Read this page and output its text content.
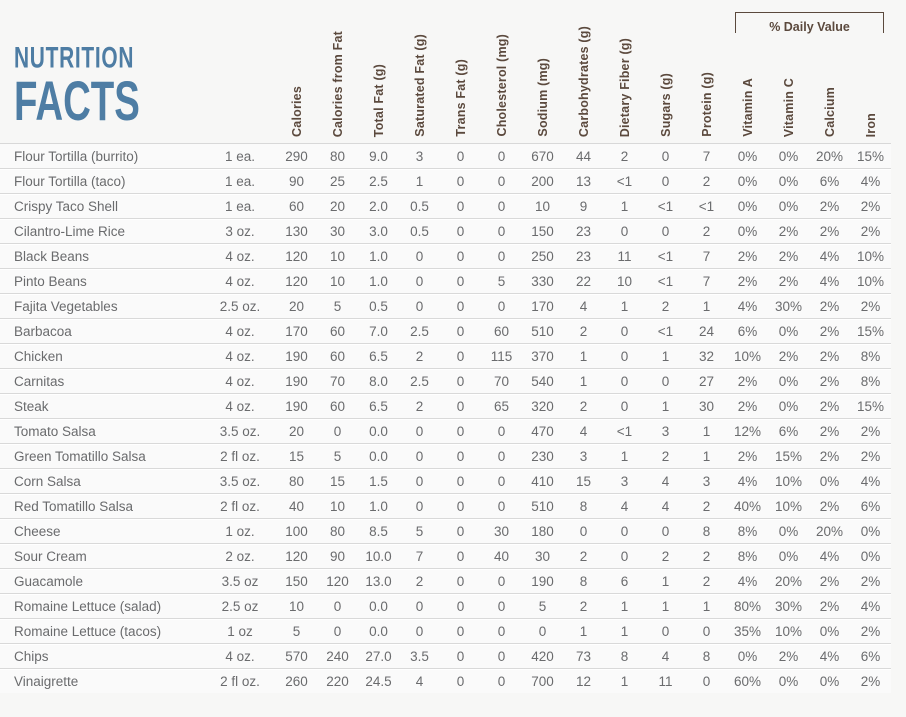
NUTRITION
FACTS
% Daily Value

		Calories	Calories from Fat	Total Fat (g)	Saturated Fat (g)	Trans Fat (g)	Cholesterol (mg)	Sodium (mg)	Carbohydrates (g)	Dietary Fiber (g)	Sugars (g)	Protein (g)	Vitamin A	Vitamin C	Calcium	Iron

Flour Tortilla (burrito)	1 ea.	290	80	9.0	3	0	0	670	44	2	0	7	0%	0%	20%	15%
Flour Tortilla (taco)	1 ea.	90	25	2.5	1	0	0	200	13	<1	0	2	0%	0%	6%	4%
Crispy Taco Shell	1 ea.	60	20	2.0	0.5	0	0	10	9	1	<1	<1	0%	0%	2%	2%
Cilantro-Lime Rice	3 oz.	130	30	3.0	0.5	0	0	150	23	0	0	2	0%	2%	2%	2%
Black Beans	4 oz.	120	10	1.0	0	0	0	250	23	11	<1	7	2%	2%	4%	10%
Pinto Beans	4 oz.	120	10	1.0	0	0	5	330	22	10	<1	7	2%	2%	4%	10%
Fajita Vegetables	2.5 oz.	20	5	0.5	0	0	0	170	4	1	2	1	4%	30%	2%	2%
Barbacoa	4 oz.	170	60	7.0	2.5	0	60	510	2	0	<1	24	6%	0%	2%	15%
Chicken	4 oz.	190	60	6.5	2	0	115	370	1	0	1	32	10%	2%	2%	8%
Carnitas	4 oz.	190	70	8.0	2.5	0	70	540	1	0	0	27	2%	0%	2%	8%
Steak	4 oz.	190	60	6.5	2	0	65	320	2	0	1	30	2%	0%	2%	15%
Tomato Salsa	3.5 oz.	20	0	0.0	0	0	0	470	4	<1	3	1	12%	6%	2%	2%
Green Tomatillo Salsa	2 fl oz.	15	5	0.0	0	0	0	230	3	1	2	1	2%	15%	2%	2%
Corn Salsa	3.5 oz.	80	15	1.5	0	0	0	410	15	3	4	3	4%	10%	0%	4%
Red Tomatillo Salsa	2 fl oz.	40	10	1.0	0	0	0	510	8	4	4	2	40%	10%	2%	6%
Cheese	1 oz.	100	80	8.5	5	0	30	180	0	0	0	8	8%	0%	20%	0%
Sour Cream	2 oz.	120	90	10.0	7	0	40	30	2	0	2	2	8%	0%	4%	0%
Guacamole	3.5 oz	150	120	13.0	2	0	0	190	8	6	1	2	4%	20%	2%	2%
Romaine Lettuce (salad)	2.5 oz	10	0	0.0	0	0	0	5	2	1	1	1	80%	30%	2%	4%
Romaine Lettuce (tacos)	1 oz	5	0	0.0	0	0	0	0	1	1	0	0	35%	10%	0%	2%
Chips	4 oz.	570	240	27.0	3.5	0	0	420	73	8	4	8	0%	2%	4%	6%
Vinaigrette	2 fl oz.	260	220	24.5	4	0	0	700	12	1	11	0	60%	0%	0%	2%
